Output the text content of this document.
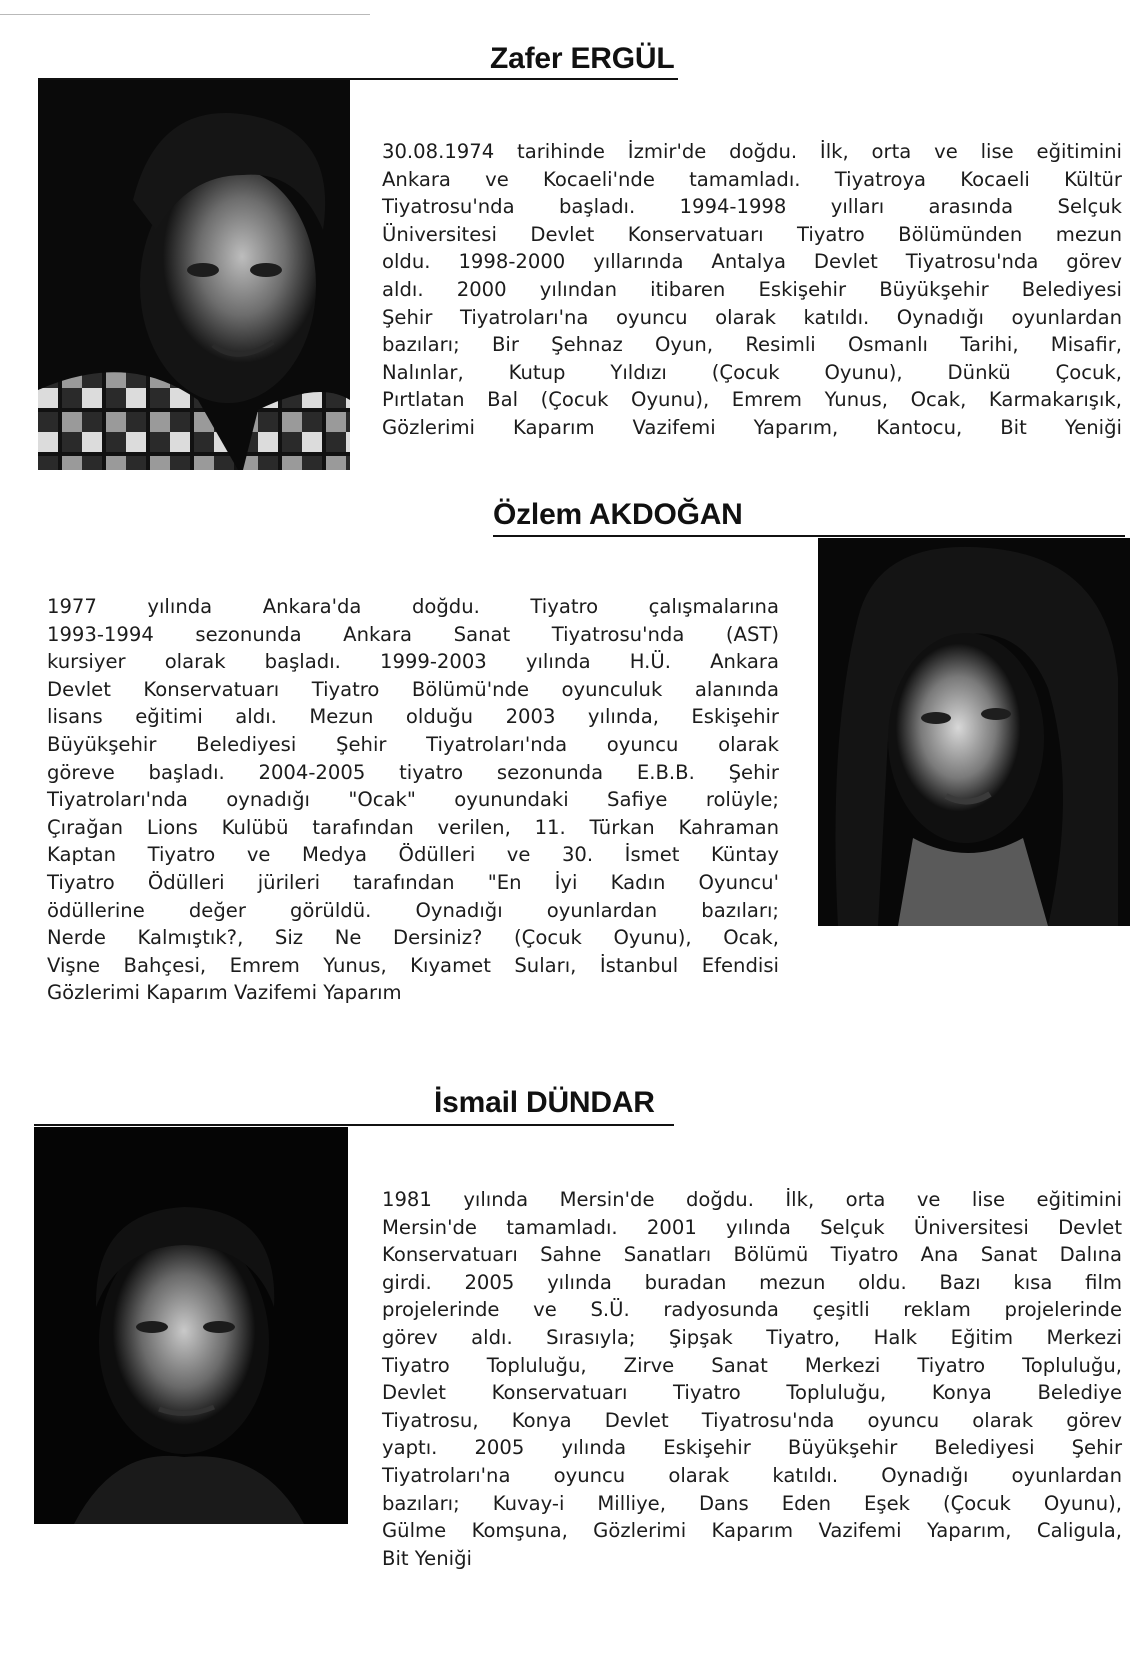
Zafer ERGÜL
30.08.1974 tarihinde İzmir'de doğdu. İlk, orta ve lise eğitimini
Ankara ve Kocaeli'nde tamamladı. Tiyatroya Kocaeli Kültür
Tiyatrosu'nda başladı. 1994-1998 yılları arasında Selçuk
Üniversitesi Devlet Konservatuarı Tiyatro Bölümünden mezun
oldu. 1998-2000 yıllarında Antalya Devlet Tiyatrosu'nda görev
aldı. 2000 yılından itibaren Eskişehir Büyükşehir Belediyesi
Şehir Tiyatroları'na oyuncu olarak katıldı. Oynadığı oyunlardan
bazıları; Bir Şehnaz Oyun, Resimli Osmanlı Tarihi, Misafir,
Nalınlar, Kutup Yıldızı (Çocuk Oyunu), Dünkü Çocuk,
Pırtlatan Bal (Çocuk Oyunu), Emrem Yunus, Ocak, Karmakarışık,
Gözlerimi Kaparım Vazifemi Yaparım, Kantocu, Bit Yeniği
Özlem AKDOĞAN
1977 yılında Ankara'da doğdu. Tiyatro çalışmalarına
1993-1994 sezonunda Ankara Sanat Tiyatrosu'nda (AST)
kursiyer olarak başladı. 1999-2003 yılında H.Ü. Ankara
Devlet Konservatuarı Tiyatro Bölümü'nde oyunculuk alanında
lisans eğitimi aldı. Mezun olduğu 2003 yılında, Eskişehir
Büyükşehir Belediyesi Şehir Tiyatroları'nda oyuncu olarak
göreve başladı. 2004-2005 tiyatro sezonunda E.B.B. Şehir
Tiyatroları'nda oynadığı "Ocak" oyunundaki Safiye rolüyle;
Çırağan Lions Kulübü tarafından verilen, 11. Türkan Kahraman
Kaptan Tiyatro ve Medya Ödülleri ve 30. İsmet Küntay
Tiyatro Ödülleri jürileri tarafından "En İyi Kadın Oyuncu'
ödüllerine değer görüldü. Oynadığı oyunlardan bazıları;
Nerde Kalmıştık?, Siz Ne Dersiniz? (Çocuk Oyunu), Ocak,
Vişne Bahçesi, Emrem Yunus, Kıyamet Suları, İstanbul Efendisi
Gözlerimi Kaparım Vazifemi Yaparım
İsmail DÜNDAR
1981 yılında Mersin'de doğdu. İlk, orta ve lise eğitimini
Mersin'de tamamladı. 2001 yılında Selçuk Üniversitesi Devlet
Konservatuarı Sahne Sanatları Bölümü Tiyatro Ana Sanat Dalına
girdi. 2005 yılında buradan mezun oldu. Bazı kısa film
projelerinde ve S.Ü. radyosunda çeşitli reklam projelerinde
görev aldı. Sırasıyla; Şipşak Tiyatro, Halk Eğitim Merkezi
Tiyatro Topluluğu, Zirve Sanat Merkezi Tiyatro Topluluğu,
Devlet Konservatuarı Tiyatro Topluluğu, Konya Belediye
Tiyatrosu, Konya Devlet Tiyatrosu'nda oyuncu olarak görev
yaptı. 2005 yılında Eskişehir Büyükşehir Belediyesi Şehir
Tiyatroları'na oyuncu olarak katıldı. Oynadığı oyunlardan
bazıları; Kuvay-i Milliye, Dans Eden Eşek (Çocuk Oyunu),
Gülme Komşuna, Gözlerimi Kaparım Vazifemi Yaparım, Caligula,
Bit Yeniği
